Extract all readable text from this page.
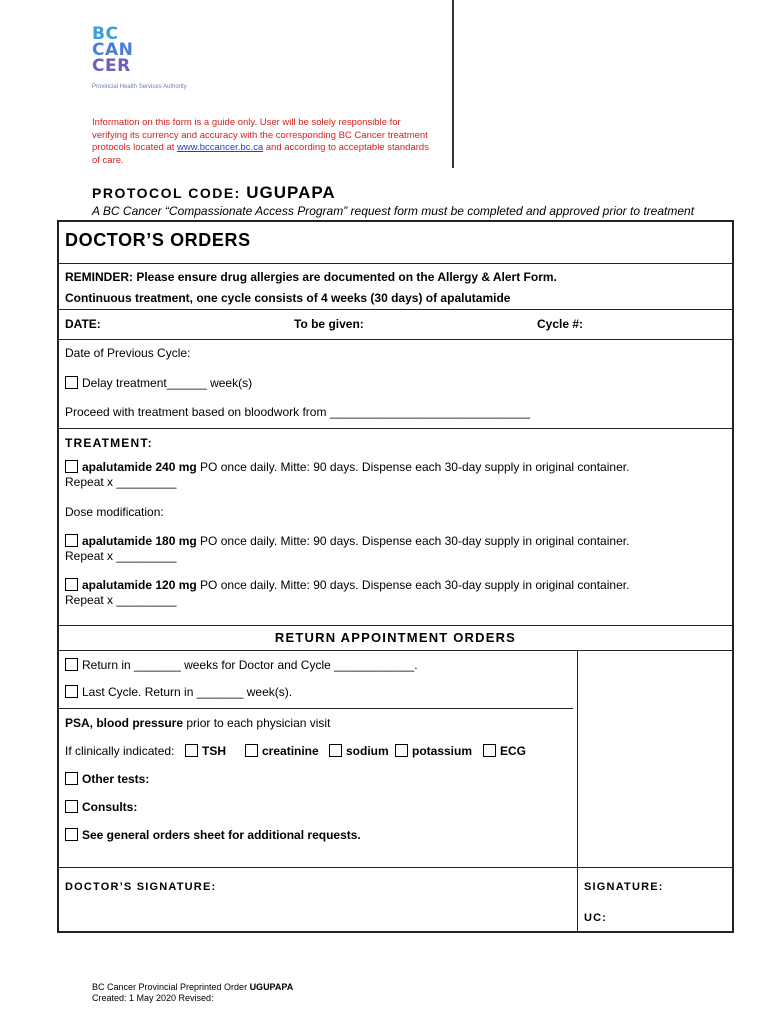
BC
CAN
CER
Provincial Health Services Authority
Information on this form is a guide only. User will be solely responsible for verifying its currency and accuracy with the corresponding BC Cancer treatment protocols located at www.bccancer.bc.ca and according to acceptable standards of care.
PROTOCOL CODE: UGUPAPA
A BC Cancer “Compassionate Access Program” request form must be completed and approved prior to treatment
DOCTOR’S ORDERS
REMINDER: Please ensure drug allergies are documented on the Allergy & Alert Form.
Continuous treatment, one cycle consists of 4 weeks (30 days) of apalutamide
DATE:	To be given:	Cycle #:
Date of Previous Cycle:
Delay treatment______ week(s)
Proceed with treatment based on bloodwork from ______________________________
TREATMENT:
apalutamide 240 mg PO once daily. Mitte: 90 days. Dispense each 30-day supply in original container.
Repeat x _________
Dose modification:
apalutamide 180 mg PO once daily. Mitte: 90 days. Dispense each 30-day supply in original container.
Repeat x _________
apalutamide 120 mg PO once daily. Mitte: 90 days. Dispense each 30-day supply in original container.
Repeat x _________
RETURN APPOINTMENT ORDERS
Return in _______ weeks for Doctor and Cycle ____________.
Last Cycle. Return in _______ week(s).
PSA, blood pressure prior to each physician visit
If clinically indicated:	TSH	creatinine	sodium	potassium	ECG
Other tests:
Consults:
See general orders sheet for additional requests.
DOCTOR’S SIGNATURE:	SIGNATURE:
UC:
BC Cancer Provincial Preprinted Order UGUPAPA
Created: 1 May 2020 Revised:
